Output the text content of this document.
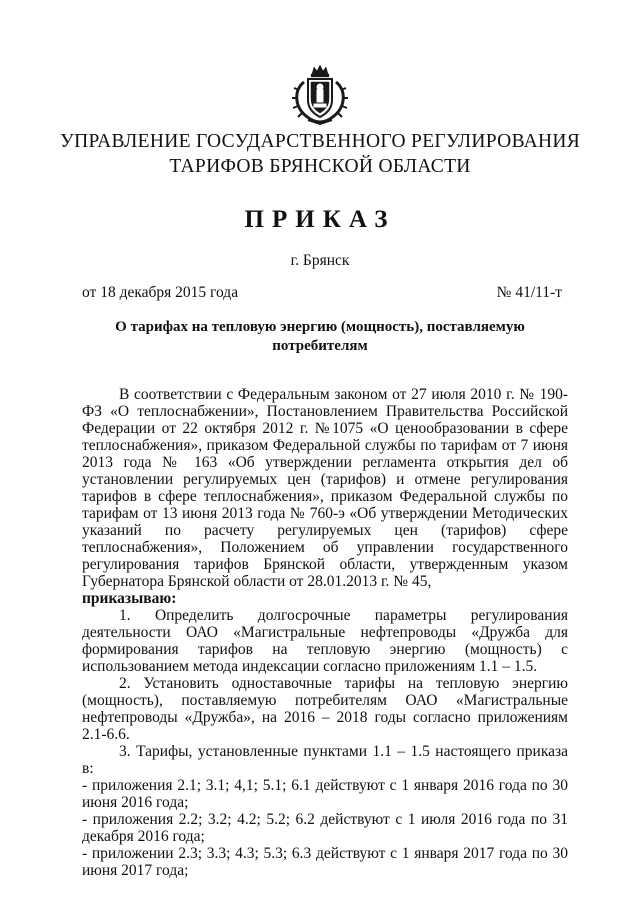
УПРАВЛЕНИЕ ГОСУДАРСТВЕННОГО РЕГУЛИРОВАНИЯ

ТАРИФОВ БРЯНСКОЙ ОБЛАСТИ

ПРИКАЗ
г. Брянск
от 18 декабря 2015 года	№ 41/11-т

О тарифах на тепловую энергию (мощность), поставляемую потребителям

В соответствии с Федеральным законом от 27 июля 2010 г. № 190-ФЗ «О теплоснабжении», Постановлением Правительства Российской Федерации от 22 октября 2012 г. №1075 «О ценообразовании в сфере теплоснабжения», приказом Федеральной службы по тарифам от 7 июня 2013 года № 163 «Об утверждении регламента открытия дел об установлении регулируемых цен (тарифов) и отмене регулирования тарифов в сфере теплоснабжения», приказом Федеральной службы по тарифам от 13 июня 2013 года № 760-э «Об утверждении Методических указаний по расчету регулируемых цен (тарифов) сфере теплоснабжения», Положением об управлении государственного регулирования тарифов Брянской области, утвержденным указом Губернатора Брянской области от 28.01.2013 г. № 45,

приказываю:

1. Определить долгосрочные параметры регулирования деятельности ОАО «Магистральные нефтепроводы «Дружба для формирования тарифов на тепловую энергию (мощность) с использованием метода индексации согласно приложениям 1.1 – 1.5.

2. Установить одноставочные тарифы на тепловую энергию (мощность), поставляемую потребителям ОАО «Магистральные нефтепроводы «Дружба», на 2016 – 2018 годы согласно приложениям 2.1-6.6.

3. Тарифы, установленные пунктами 1.1 – 1.5 настоящего приказа в:

- приложения 2.1; 3.1; 4,1; 5.1; 6.1 действуют с 1 января 2016 года по 30 июня 2016 года;

- приложения 2.2; 3.2; 4.2; 5.2; 6.2 действуют с 1 июля 2016 года по 31 декабря 2016 года;

- приложении 2.3; 3.3; 4.3; 5.3; 6.3 действуют с 1 января 2017 года по 30 июня 2017 года;
